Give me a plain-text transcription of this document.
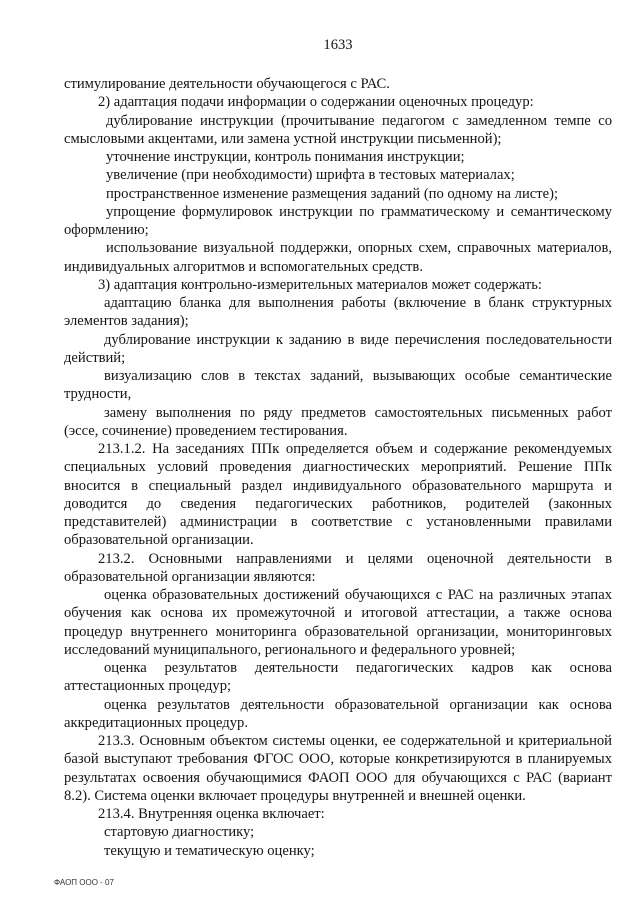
1633

стимулирование деятельности обучающегося с РАС.

2) адаптация подачи информации о содержании оценочных процедур:

дублирование инструкции (прочитывание педагогом с замедленном темпе со смысловыми акцентами, или замена устной инструкции письменной);

уточнение инструкции, контроль понимания инструкции;

увеличение (при необходимости) шрифта в тестовых материалах;

пространственное изменение размещения заданий (по одному на листе);

упрощение формулировок инструкции по грамматическому и семантическому оформлению;

использование визуальной поддержки, опорных схем, справочных материалов, индивидуальных алгоритмов и вспомогательных средств.

3) адаптация контрольно-измерительных материалов может содержать:

адаптацию бланка для выполнения работы (включение в бланк структурных элементов задания);

дублирование инструкции к заданию в виде перечисления последовательности действий;

визуализацию слов в текстах заданий, вызывающих особые семантические трудности,

замену выполнения по ряду предметов самостоятельных письменных работ (эссе, сочинение) проведением тестирования.

213.1.2. На заседаниях ППк определяется объем и содержание рекомендуемых специальных условий проведения диагностических мероприятий. Решение ППк вносится в специальный раздел индивидуального образовательного маршрута и доводится до сведения педагогических работников, родителей (законных представителей) администрации в соответствие с установленными правилами образовательной организации.

213.2. Основными направлениями и целями оценочной деятельности в образовательной организации являются:

оценка образовательных достижений обучающихся с РАС на различных этапах обучения как основа их промежуточной и итоговой аттестации, а также основа процедур внутреннего мониторинга образовательной организации, мониторинговых исследований муниципального, регионального и федерального уровней;

оценка результатов деятельности педагогических кадров как основа аттестационных процедур;

оценка результатов деятельности образовательной организации как основа аккредитационных процедур.

213.3. Основным объектом системы оценки, ее содержательной и критериальной базой выступают требования ФГОС ООО, которые конкретизируются в планируемых результатах освоения обучающимися ФАОП ООО для обучающихся с РАС (вариант 8.2). Система оценки включает процедуры внутренней и внешней оценки.

213.4. Внутренняя оценка включает:

стартовую диагностику;

текущую и тематическую оценку;

ФАОП ООО - 07
